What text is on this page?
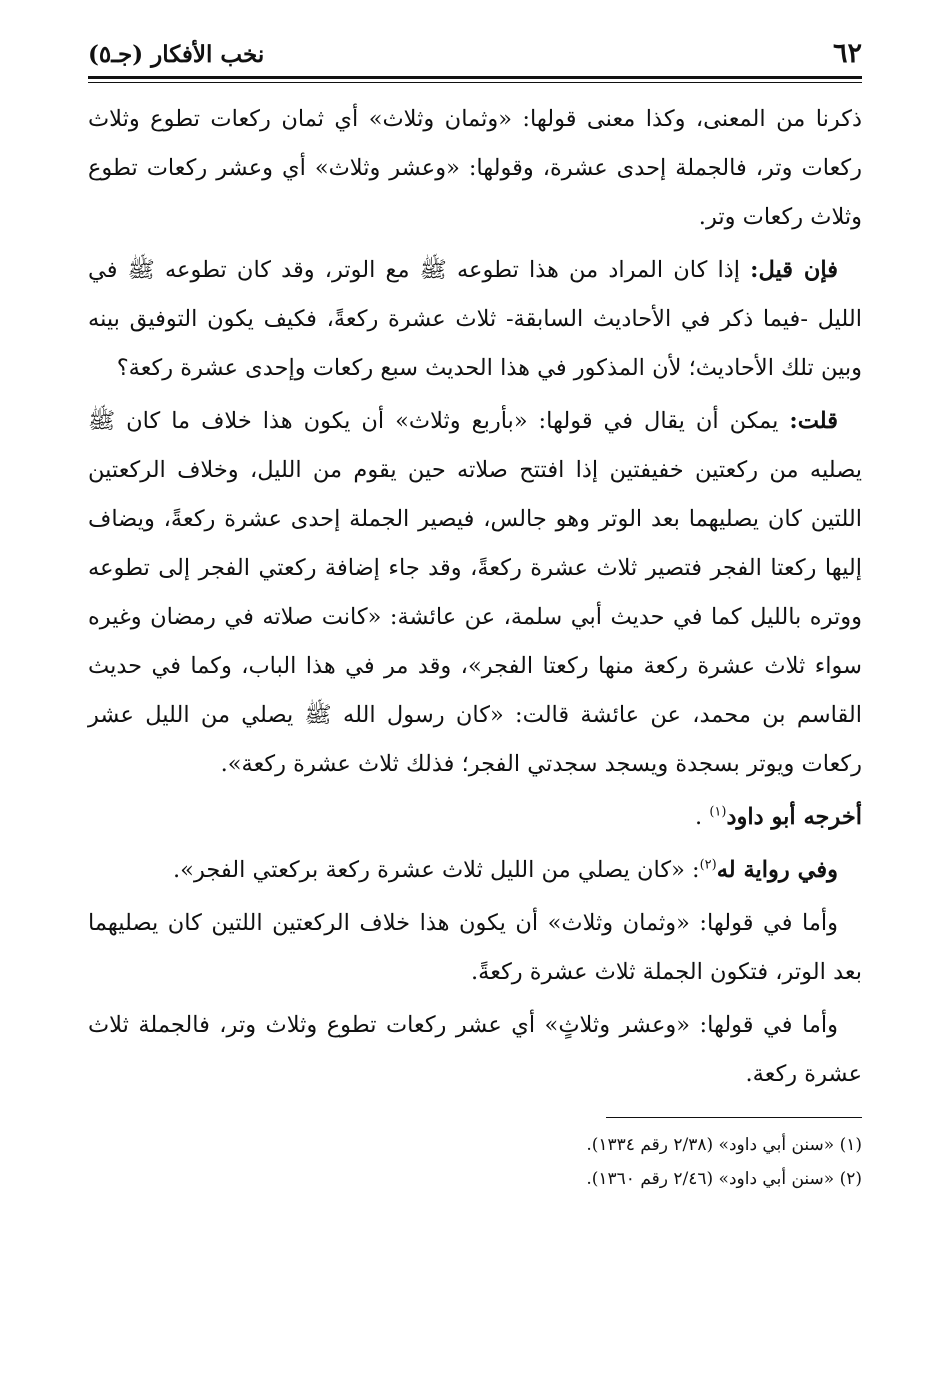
٦٢
نخب الأفكار (جـ٥)

ذكرنا من المعنى، وكذا معنى قولها: «وثمان وثلاث» أي ثمان ركعات تطوع وثلاث ركعات وتر، فالجملة إحدى عشرة، وقولها: «وعشر وثلاث» أي وعشر ركعات تطوع وثلاث ركعات وتر.

فإن قيل: إذا كان المراد من هذا تطوعه ﷺ مع الوتر، وقد كان تطوعه ﷺ في الليل -فيما ذكر في الأحاديث السابقة- ثلاث عشرة ركعةً، فكيف يكون التوفيق بينه وبين تلك الأحاديث؛ لأن المذكور في هذا الحديث سبع ركعات وإحدى عشرة ركعة؟

قلت: يمكن أن يقال في قولها: «بأربع وثلاث» أن يكون هذا خلاف ما كان ﷺ يصليه من ركعتين خفيفتين إذا افتتح صلاته حين يقوم من الليل، وخلاف الركعتين اللتين كان يصليهما بعد الوتر وهو جالس، فيصير الجملة إحدى عشرة ركعةً، ويضاف إليها ركعتا الفجر فتصير ثلاث عشرة ركعةً، وقد جاء إضافة ركعتي الفجر إلى تطوعه ووتره بالليل كما في حديث أبي سلمة، عن عائشة: «كانت صلاته في رمضان وغيره سواء ثلاث عشرة ركعة منها ركعتا الفجر»، وقد مر في هذا الباب، وكما في حديث القاسم بن محمد، عن عائشة قالت: «كان رسول الله ﷺ يصلي من الليل عشر ركعات ويوتر بسجدة ويسجد سجدتي الفجر؛ فذلك ثلاث عشرة ركعة».

أخرجه أبو داود$^{(١)}$ .

وفي رواية له$^{(٢)}$: «كان يصلي من الليل ثلاث عشرة ركعة بركعتي الفجر».

وأما في قولها: «وثمان وثلاث» أن يكون هذا خلاف الركعتين اللتين كان يصليهما بعد الوتر، فتكون الجملة ثلاث عشرة ركعةً.

وأما في قولها: «وعشر وثلاثٍ» أي عشر ركعات تطوع وثلاث وتر، فالجملة ثلاث عشرة ركعة.

(١) «سنن أبي داود» (٢/٣٨ رقم ١٣٣٤).

(٢) «سنن أبي داود» (٢/٤٦ رقم ١٣٦٠).
